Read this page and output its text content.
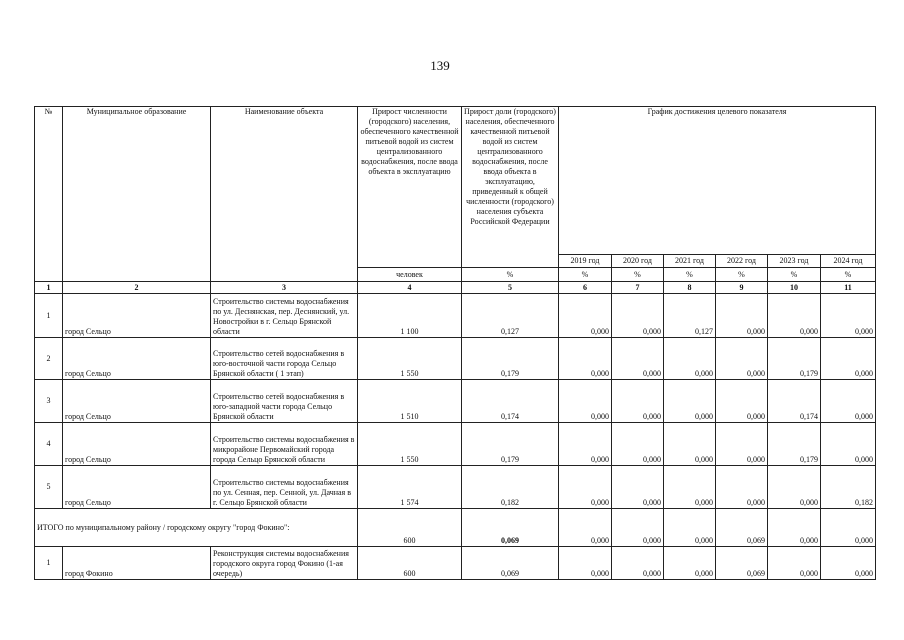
139
№	Муниципальное образование	Наименование объекта	Прирост численности (городского) населения, обеспеченного качественной питьевой водой из систем централизованного водоснабжения, после ввода объекта в эксплуатацию	Прирост доли (городского) населения, обеспеченного качественной питьевой водой из систем централизованного водоснабжения, после ввода объекта в эксплуатацию, приведенный к общей численности (городского) населения субъекта Российской Федерации	График достижения целевого показателя					
					2019 год	2020 год	2021 год	2022 год	2023 год	2024 год
			человек	%	%	%	%	%	%	%
1	2	3	4	5	6	7	8	9	10	11
1	город Сельцо	Строительство системы водоснабжения по ул. Деснянская, пер. Деснянский, ул. Новостройки в г. Сельцо Брянской области	1 100	0,127	0,000	0,000	0,127	0,000	0,000	0,000
2	город Сельцо	Строительство сетей водоснабжения в юго-восточной части города Сельцо Брянской области ( 1 этап)	1 550	0,179	0,000	0,000	0,000	0,000	0,179	0,000
3	город Сельцо	Строительство сетей водоснабжения в юго-западной части города Сельцо Брянской области	1 510	0,174	0,000	0,000	0,000	0,000	0,174	0,000
4	город Сельцо	Строительство системы водоснабжения в микрорайоне Первомайский города города Сельцо Брянской области	1 550	0,179	0,000	0,000	0,000	0,000	0,179	0,000
5	город Сельцо	Строительство системы водоснабжения по ул. Сенная, пер. Сенной, ул. Дачная в г. Сельцо Брянской области	1 574	0,182	0,000	0,000	0,000	0,000	0,000	0,182
ИТОГО по муниципальному району / городскому округу "город Фокино":			600	0,069	0,000	0,000	0,000	0,069	0,000	0,000
1	город Фокино	Реконструкция системы водоснабжения городского округа город Фокино (1-ая очередь)	600	0,069	0,000	0,000	0,000	0,069	0,000	0,000
